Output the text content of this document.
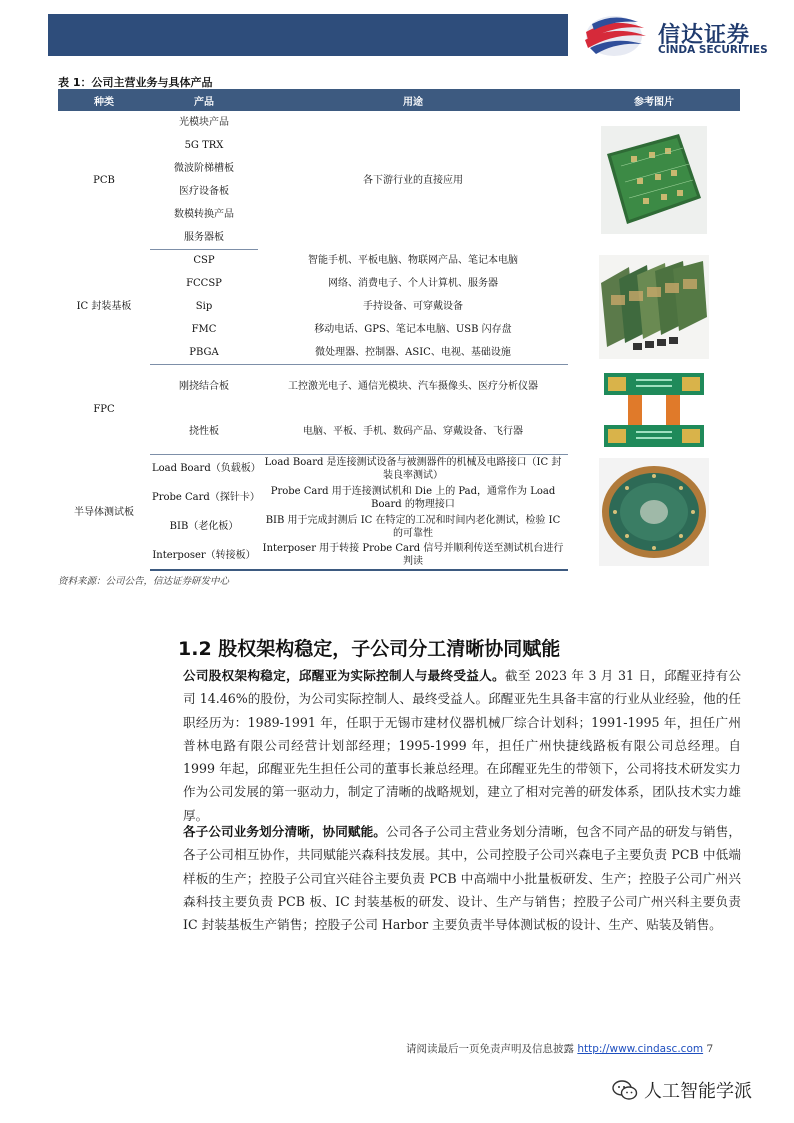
信达证券
CINDA SECURITIES
表 1：公司主营业务与具体产品
种类	产品	用途	参考图片
PCB	光模块产品	各下游行业的直接应用	

	5G TRX		
	微波阶梯槽板		
	医疗设备板		
	数模转换产品		
	服务器板		
IC 封装基板	CSP	智能手机、平板电脑、物联网产品、笔记本电脑	

	FCCSP	网络、消费电子、个人计算机、服务器	
	Sip	手持设备、可穿戴设备	
	FMC	移动电话、GPS、笔记本电脑、USB 闪存盘	
	PBGA	微处理器、控制器、ASIC、电视、基础设施	
FPC	刚挠结合板	工控激光电子、通信光模块、汽车摄像头、医疗分析仪器	

	挠性板	电脑、平板、手机、数码产品、穿戴设备、飞行器	
半导体测试板	Load Board（负载板）	Load Board 是连接测试设备与被测器件的机械及电路接口（IC 封装良率测试）	

	Probe Card（探针卡）	Probe Card 用于连接测试机和 Die 上的 Pad，通常作为 Load Board 的物理接口	
	BIB（老化板）	BIB 用于完成封测后 IC 在特定的工况和时间内老化测试，检验 IC 的可靠性	
	Interposer（转接板）	Interposer 用于转接 Probe Card 信号并顺利传送至测试机台进行判读	
资料来源：公司公告，信达证券研发中心
1.2 股权架构稳定，子公司分工清晰协同赋能
公司股权架构稳定，邱醒亚为实际控制人与最终受益人。截至 2023 年 3 月 31 日，邱醒亚持有公司 14.46%的股份，为公司实际控制人、最终受益人。邱醒亚先生具备丰富的行业从业经验，他的任职经历为：1989-1991 年，任职于无锡市建材仪器机械厂综合计划科；1991-1995 年，担任广州普林电路有限公司经营计划部经理；1995-1999 年，担任广州快捷线路板有限公司总经理。自 1999 年起，邱醒亚先生担任公司的董事长兼总经理。在邱醒亚先生的带领下，公司将技术研发实力作为公司发展的第一驱动力，制定了清晰的战略规划，建立了相对完善的研发体系，团队技术实力雄厚。
各子公司业务划分清晰，协同赋能。公司各子公司主营业务划分清晰，包含不同产品的研发与销售，各子公司相互协作，共同赋能兴森科技发展。其中，公司控股子公司兴森电子主要负责 PCB 中低端样板的生产；控股子公司宜兴硅谷主要负责 PCB 中高端中小批量板研发、生产；控股子公司广州兴森科技主要负责 PCB 板、IC 封装基板的研发、设计、生产与销售；控股子公司广州兴科主要负责 IC 封装基板生产销售；控股子公司 Harbor 主要负责半导体测试板的设计、生产、贴装及销售。
请阅读最后一页免责声明及信息披露 http://www.cindasc.com 7
人工智能学派
